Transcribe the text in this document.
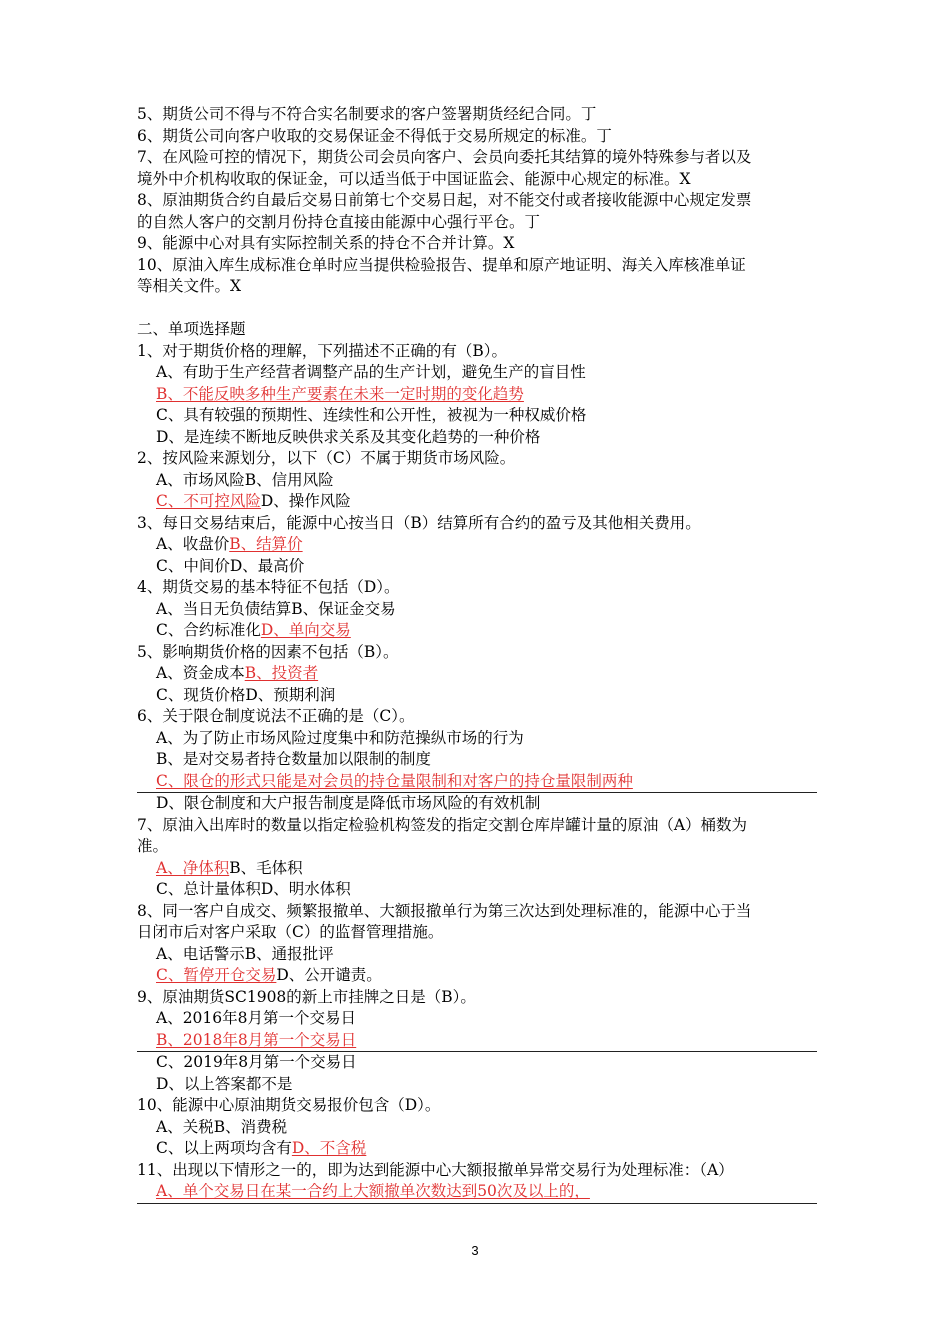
5、期货公司不得与不符合实名制要求的客户签署期货经纪合同。丁
6、期货公司向客户收取的交易保证金不得低于交易所规定的标准。丁
7、在风险可控的情况下，期货公司会员向客户、会员向委托其结算的境外特殊参与者以及
境外中介机构收取的保证金，可以适当低于中国证监会、能源中心规定的标准。X
8、原油期货合约自最后交易日前第七个交易日起，对不能交付或者接收能源中心规定发票
的自然人客户的交割月份持仓直接由能源中心强行平仓。丁
9、能源中心对具有实际控制关系的持仓不合并计算。X
10、原油入库生成标准仓单时应当提供检验报告、提单和原产地证明、海关入库核准单证
等相关文件。X
二、单项选择题
1、对于期货价格的理解，下列描述不正确的有（B）。
A、有助于生产经营者调整产品的生产计划，避免生产的盲目性
B、不能反映多种生产要素在未来一定时期的变化趋势
C、具有较强的预期性、连续性和公开性，被视为一种权威价格
D、是连续不断地反映供求关系及其变化趋势的一种价格
2、按风险来源划分，以下（C）不属于期货市场风险。
A、市场风险B、信用风险
C、不可控风险D、操作风险
3、每日交易结束后，能源中心按当日（B）结算所有合约的盈亏及其他相关费用。
A、收盘价B、结算价
C、中间价D、最高价
4、期货交易的基本特征不包括（D）。
A、当日无负债结算B、保证金交易
C、合约标准化D、单向交易
5、影响期货价格的因素不包括（B）。
A、资金成本B、投资者
C、现货价格D、预期利润
6、关于限仓制度说法不正确的是（C）。
A、为了防止市场风险过度集中和防范操纵市场的行为
B、是对交易者持仓数量加以限制的制度
C、限仓的形式只能是对会员的持仓量限制和对客户的持仓量限制两种
D、限仓制度和大户报告制度是降低市场风险的有效机制
7、原油入出库时的数量以指定检验机构签发的指定交割仓库岸罐计量的原油（A）桶数为
准。
A、净体积B、毛体积
C、总计量体积D、明水体积
8、同一客户自成交、频繁报撤单、大额报撤单行为第三次达到处理标准的，能源中心于当
日闭市后对客户采取（C）的监督管理措施。
A、电话警示B、通报批评
C、暂停开仓交易D、公开谴责。
9、原油期货SC1908的新上市挂牌之日是（B）。
A、2016年8月第一个交易日
B、2018年8月第一个交易日
C、2019年8月第一个交易日
D、以上答案都不是
10、能源中心原油期货交易报价包含（D）。
A、关税B、消费税
C、以上两项均含有D、不含税
11、出现以下情形之一的，即为达到能源中心大额报撤单异常交易行为处理标准：（A）
A、单个交易日在某一合约上大额撤单次数达到50次及以上的，
3
